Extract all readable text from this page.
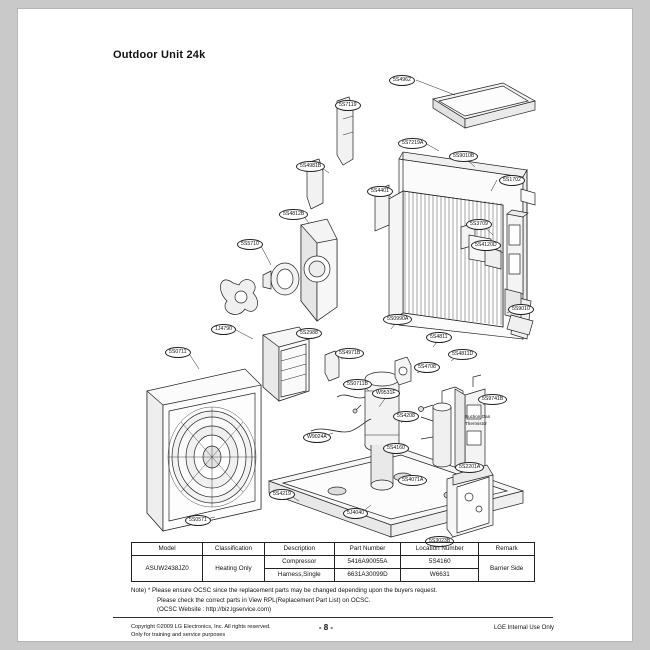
Outdoor Unit 24k
Suction Gas
Thermistor
5S4962
5S7119
5S7219A
5S9010B
5S4981B
5S1702
5S4401
5S4812B
5S3709
5S5710	5S4120D
5S9010
1J4790
5S2988
5S0990A
5S4811
5S4811D
5S0711	5S4971B
5S4708
W9531F
5S9741B
5S0711B
5S4208
W9024A
5S4160
5S4219
5S2201A
5S4071A
5J4040
5S0571
5S3023B
Model	Classification	Description	Part Number	Location Number	Remark
ASUW2438JZ0	Heating Only	Compressor	5416A90055A	5S4160	Barrier Side
		Harness,Single	6631A30099D	W6631	
Note) * Please ensure OCSC since the replacement parts may be changed depending upon the buyers request.
Please check the correct parts in View RPL(Replacement Part List) on OCSC.
(OCSC Website : http://biz.lgservice.com)
Copyright ©2009 LG Electronics, Inc. All rights reserved.
Only for training and service purposes
- 8 -	LGE Internal Use Only
